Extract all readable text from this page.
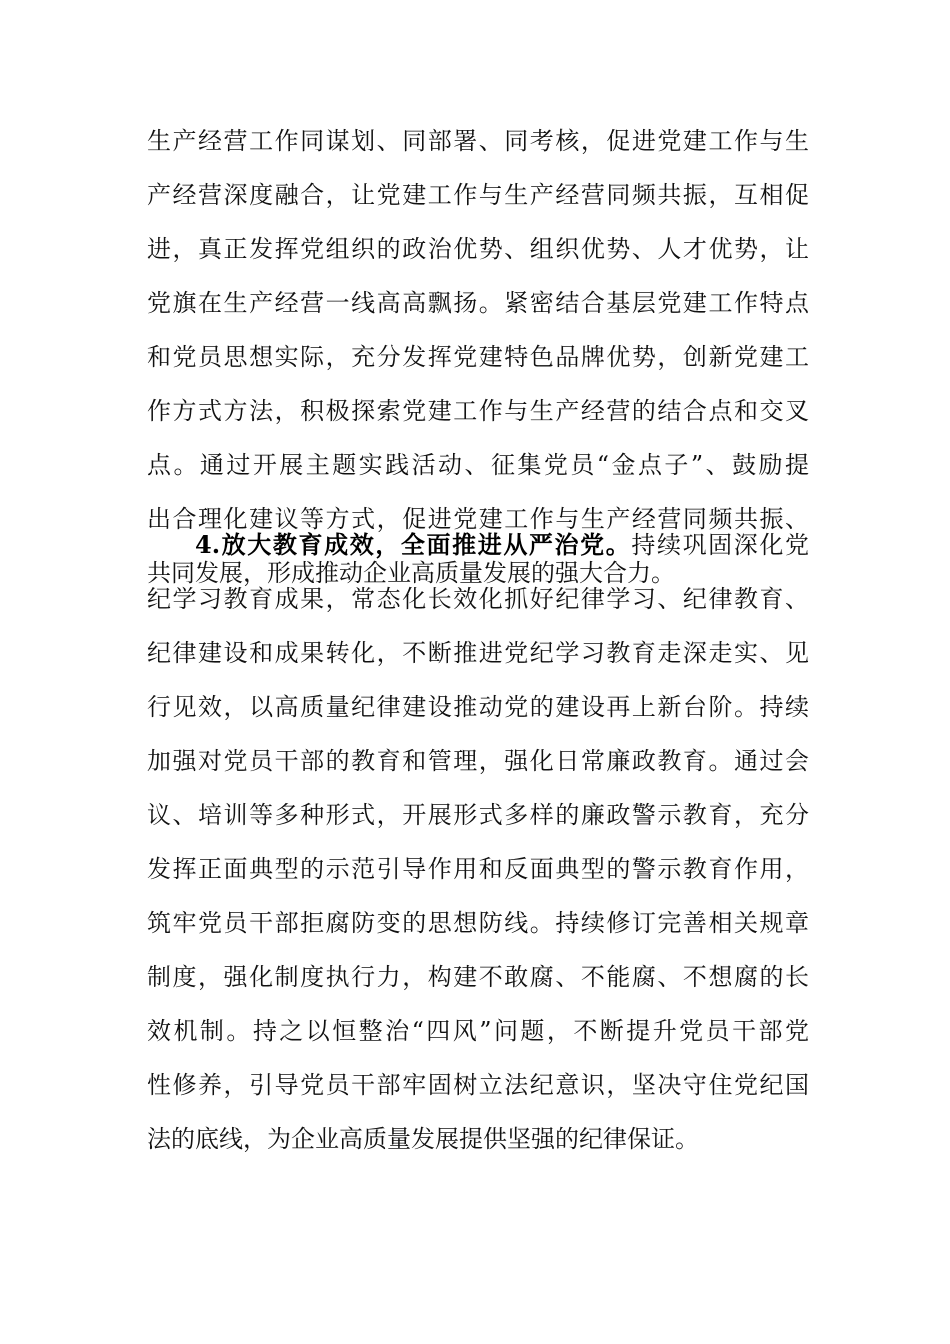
生产经营工作同谋划、同部署、同考核，促进党建工作与生
产经营深度融合，让党建工作与生产经营同频共振，互相促
进，真正发挥党组织的政治优势、组织优势、人才优势，让
党旗在生产经营一线高高飘扬。紧密结合基层党建工作特点
和党员思想实际，充分发挥党建特色品牌优势，创新党建工
作方式方法，积极探索党建工作与生产经营的结合点和交叉
点。通过开展主题实践活动、征集党员“金点子”、鼓励提
出合理化建议等方式，促进党建工作与生产经营同频共振、
共同发展，形成推动企业高质量发展的强大合力。
4.放大教育成效，全面推进从严治党。持续巩固深化党
纪学习教育成果，常态化长效化抓好纪律学习、纪律教育、
纪律建设和成果转化，不断推进党纪学习教育走深走实、见
行见效，以高质量纪律建设推动党的建设再上新台阶。持续
加强对党员干部的教育和管理，强化日常廉政教育。通过会
议、培训等多种形式，开展形式多样的廉政警示教育，充分
发挥正面典型的示范引导作用和反面典型的警示教育作用，
筑牢党员干部拒腐防变的思想防线。持续修订完善相关规章
制度，强化制度执行力，构建不敢腐、不能腐、不想腐的长
效机制。持之以恒整治“四风”问题，不断提升党员干部党
性修养，引导党员干部牢固树立法纪意识，坚决守住党纪国
法的底线，为企业高质量发展提供坚强的纪律保证。
